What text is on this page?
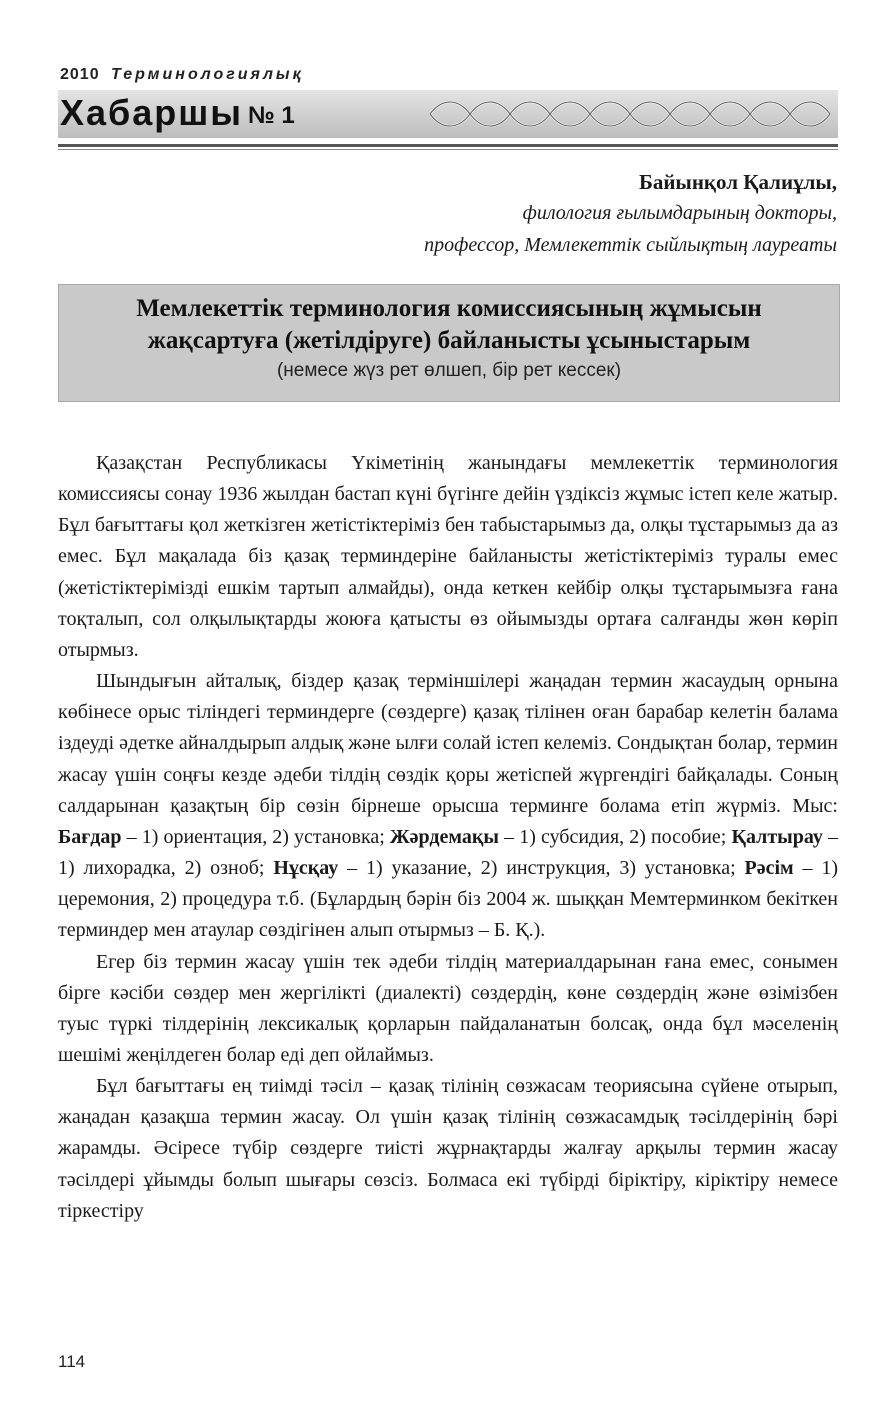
2010 Терминологиялық
Хабаршы № 1
Байынқол Қалиұлы,
филология ғылымдарының докторы,
профессор, Мемлекеттік сыйлықтың лауреаты
Мемлекеттік терминология комиссиясының жұмысын
жақсартуға (жетілдіруге) байланысты ұсыныстарым
(немесе жүз рет өлшеп, бір рет кессек)

Қазақстан Республикасы Үкіметінің жанындағы мемлекеттік терминология комиссиясы сонау 1936 жылдан бастап күні бүгінге дейін үздіксіз жұмыс істеп келе жатыр. Бұл бағыттағы қол жеткізген жетістіктеріміз бен табыстарымыз да, олқы тұстарымыз да аз емес. Бұл мақалада біз қазақ терминдеріне байланысты жетістіктеріміз туралы емес (жетістіктерімізді ешкім тартып алмайды), онда кеткен кейбір олқы тұстарымызға ғана тоқталып, сол олқылықтарды жоюға қатысты өз ойымызды ортаға салғанды жөн көріп отырмыз.

Шындығын айталық, біздер қазақ терміншілері жаңадан термин жасаудың орнына көбінесе орыс тіліндегі терминдерге (сөздерге) қазақ тілінен оған барабар келетін балама іздеуді әдетке айналдырып алдық және ылғи солай істеп келеміз. Сондықтан болар, термин жасау үшін соңғы кезде әдеби тілдің сөздік қоры жетіспей жүргендігі байқалады. Соның салдарынан қазақтың бір сөзін бірнеше орысша терминге болама етіп жүрміз. Мыс: Бағдар – 1) ориентация, 2) установка; Жәрдемақы – 1) субсидия, 2) пособие; Қалтырау – 1) лихорадка, 2) озноб; Нұсқау – 1) указание, 2) инструкция, 3) установка; Рәсім – 1) церемония, 2) процедура т.б. (Бұлардың бәрін біз 2004 ж. шыққан Мемтерминком бекіткен терминдер мен атаулар сөздігінен алып отырмыз – Б. Қ.).

Егер біз термин жасау үшін тек әдеби тілдің материалдарынан ғана емес, сонымен бірге кәсіби сөздер мен жергілікті (диалекті) сөздердің, көне сөздердің және өзімізбен туыс түркі тілдерінің лексикалық қорларын пайдаланатын болсақ, онда бұл мәселенің шешімі жеңілдеген болар еді деп ойлаймыз.

Бұл бағыттағы ең тиімді тәсіл – қазақ тілінің сөзжасам теориясына сүйене отырып, жаңадан қазақша термин жасау. Ол үшін қазақ тілінің сөзжасамдық тәсілдерінің бәрі жарамды. Әсіресе түбір сөздерге тиісті жұрнақтарды жалғау арқылы термин жасау тәсілдері ұйымды болып шығары сөзсіз. Болмаса екі түбірді біріктіру, кіріктіру немесе тіркестіру

114
